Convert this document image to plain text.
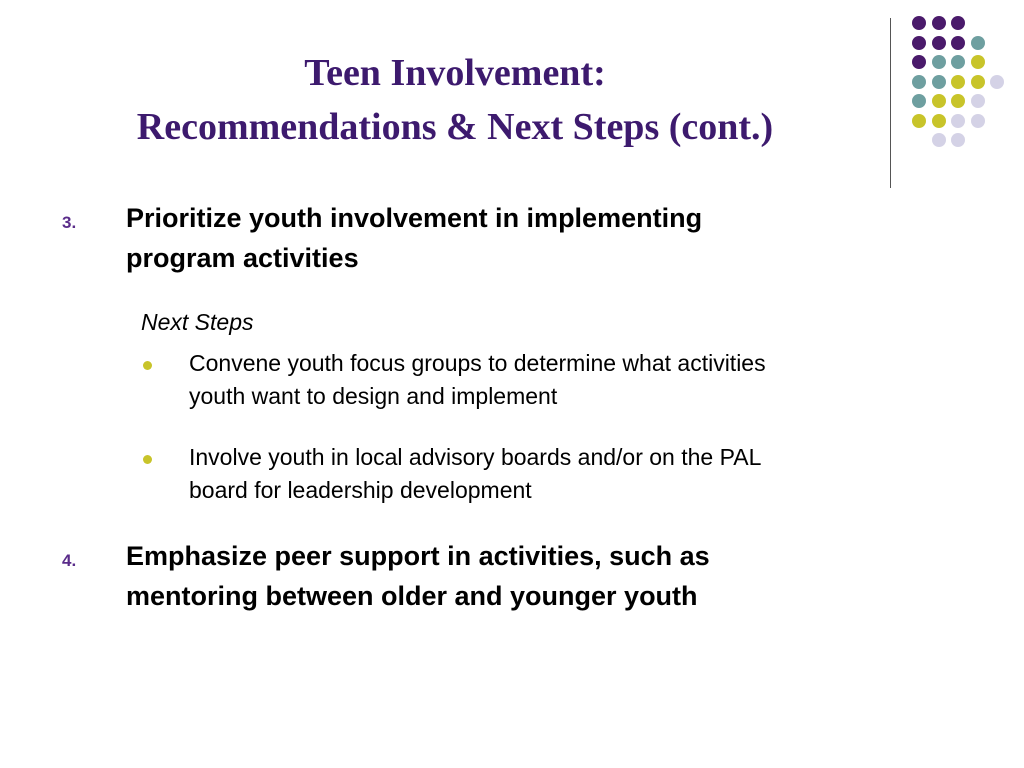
Teen Involvement:
Recommendations & Next Steps (cont.)
3. Prioritize youth involvement in implementing
program activities
Next Steps
Convene youth focus groups to determine what activities
youth want to design and implement
Involve youth in local advisory boards and/or on the PAL
board for leadership development
4. Emphasize peer support in activities, such as
mentoring between older and younger youth
